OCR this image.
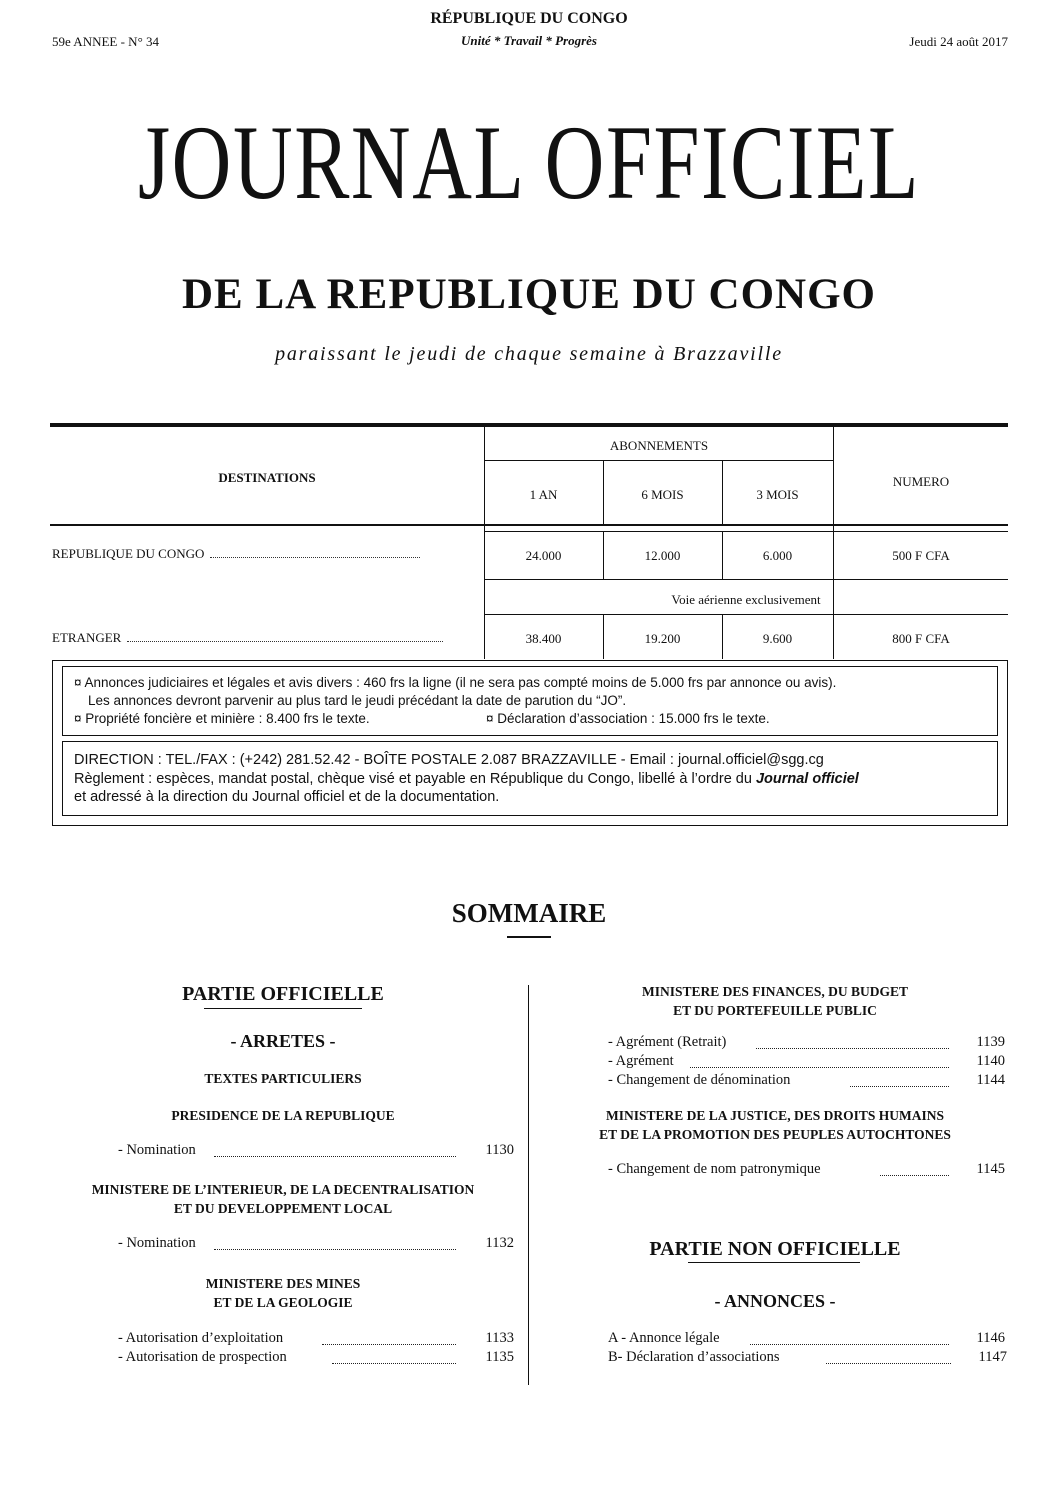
59e ANNEE - N° 34
RÉPUBLIQUE DU CONGO
Unité * Travail * Progrès	Jeudi 24 août 2017
JOURNAL OFFICIEL
DE LA REPUBLIQUE DU CONGO
paraissant le jeudi de chaque semaine à Brazzaville
DESTINATIONS
ABONNEMENTS
NUMERO
1 AN	6 MOIS	3 MOIS
REPUBLIQUE DU CONGO	24.000	12.000	6.000	500 F CFA
Voie aérienne exclusivement
ETRANGER	38.400	19.200	9.600	800 F CFA
¤ Annonces judiciaires et légales et avis divers : 460 frs la ligne (il ne sera pas compté moins de 5.000 frs par annonce ou avis).
Les annonces devront parvenir au plus tard le jeudi précédant la date de parution du “JO”.
¤ Propriété foncière et minière : 8.400 frs le texte.	¤ Déclaration d’association : 15.000 frs le texte.
DIRECTION : TEL./FAX : (+242) 281.52.42 - BOÎTE POSTALE 2.087 BRAZZAVILLE - Email : journal.officiel@sgg.cg
Règlement : espèces, mandat postal, chèque visé et payable en République du Congo, libellé à l’ordre du Journal officiel
et adressé à la direction du Journal officiel et de la documentation.
SOMMAIRE
PARTIE OFFICIELLE
- ARRETES -
TEXTES PARTICULIERS
PRESIDENCE DE LA REPUBLIQUE
- Nomination	1130
MINISTERE DE L’INTERIEUR, DE LA DECENTRALISATION
ET DU DEVELOPPEMENT LOCAL
- Nomination	1132
MINISTERE DES MINES
ET DE LA GEOLOGIE
- Autorisation d’exploitation	1133
- Autorisation de prospection	1135
MINISTERE DES FINANCES, DU BUDGET
ET DU PORTEFEUILLE PUBLIC
- Agrément (Retrait)	1139
- Agrément	1140
- Changement de dénomination	1144
MINISTERE DE LA JUSTICE, DES DROITS HUMAINS
ET DE LA PROMOTION DES PEUPLES AUTOCHTONES
- Changement de nom patronymique	1145
PARTIE NON OFFICIELLE
- ANNONCES -
A - Annonce légale	1146
B- Déclaration d’associations	1147
